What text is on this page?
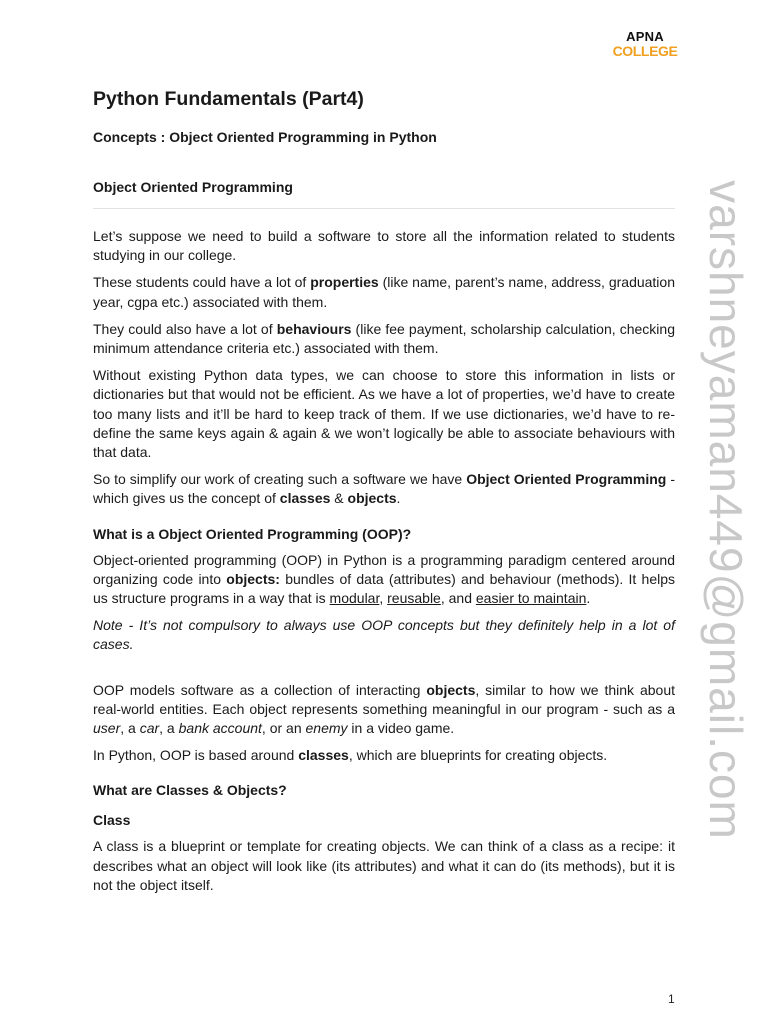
APNA
COLLEGE
varshneyaman449@gmail.com
Python Fundamentals (Part4)
Concepts : Object Oriented Programming in Python
Object Oriented Programming

Let’s suppose we need to build a software to store all the information related to students studying in our college.

These students could have a lot of properties (like name, parent’s name, address, graduation year, cgpa etc.) associated with them.

They could also have a lot of behaviours (like fee payment, scholarship calculation, checking minimum attendance criteria etc.) associated with them.

Without existing Python data types, we can choose to store this information in lists or dictionaries but that would not be efficient. As we have a lot of properties, we’d have to create too many lists and it’ll be hard to keep track of them. If we use dictionaries, we’d have to re-define the same keys again & again & we won’t logically be able to associate behaviours with that data.

So to simplify our work of creating such a software we have Object Oriented Programming - which gives us the concept of classes & objects.

What is a Object Oriented Programming (OOP)?

Object-oriented programming (OOP) in Python is a programming paradigm centered around organizing code into objects: bundles of data (attributes) and behaviour (methods). It helps us structure programs in a way that is modular, reusable, and easier to maintain.

Note - It’s not compulsory to always use OOP concepts but they definitely help in a lot of cases.

OOP models software as a collection of interacting objects, similar to how we think about real-world entities. Each object represents something meaningful in our program - such as a user, a car, a bank account, or an enemy in a video game.

In Python, OOP is based around classes, which are blueprints for creating objects.

What are Classes & Objects?
Class

A class is a blueprint or template for creating objects. We can think of a class as a recipe: it describes what an object will look like (its attributes) and what it can do (its methods), but it is not the object itself.

1
